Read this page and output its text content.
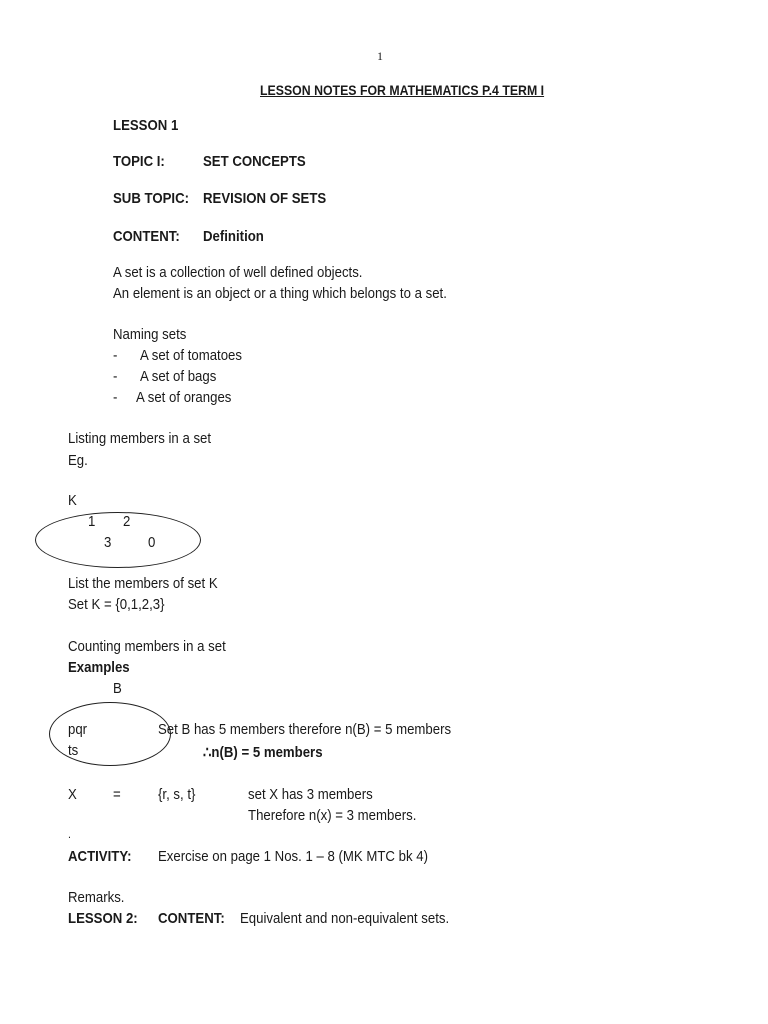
1
LESSON NOTES FOR MATHEMATICS P.4 TERM I
LESSON 1
TOPIC I:	SET CONCEPTS
SUB TOPIC: REVISION OF SETS
CONTENT: Definition
A set is a collection of well defined objects.
An element is an object or a thing which belongs to a set.
Naming sets
- A set of tomatoes
- A set of bags
- A set of oranges
Listing members in a set
Eg.
K
1 2
3 0
List the members of set K
Set K = {0,1,2,3}
Counting members in a set
Examples
B
pqr
ts
Set B has 5 members therefore n(B) = 5 members
∴n(B) = 5 members
X = {r, s, t}	set X has 3 members
Therefore n(x) = 3 members.
.
ACTIVITY: Exercise on page 1 Nos. 1 – 8 (MK MTC bk 4)
Remarks.
LESSON 2: CONTENT: Equivalent and non-equivalent sets.
